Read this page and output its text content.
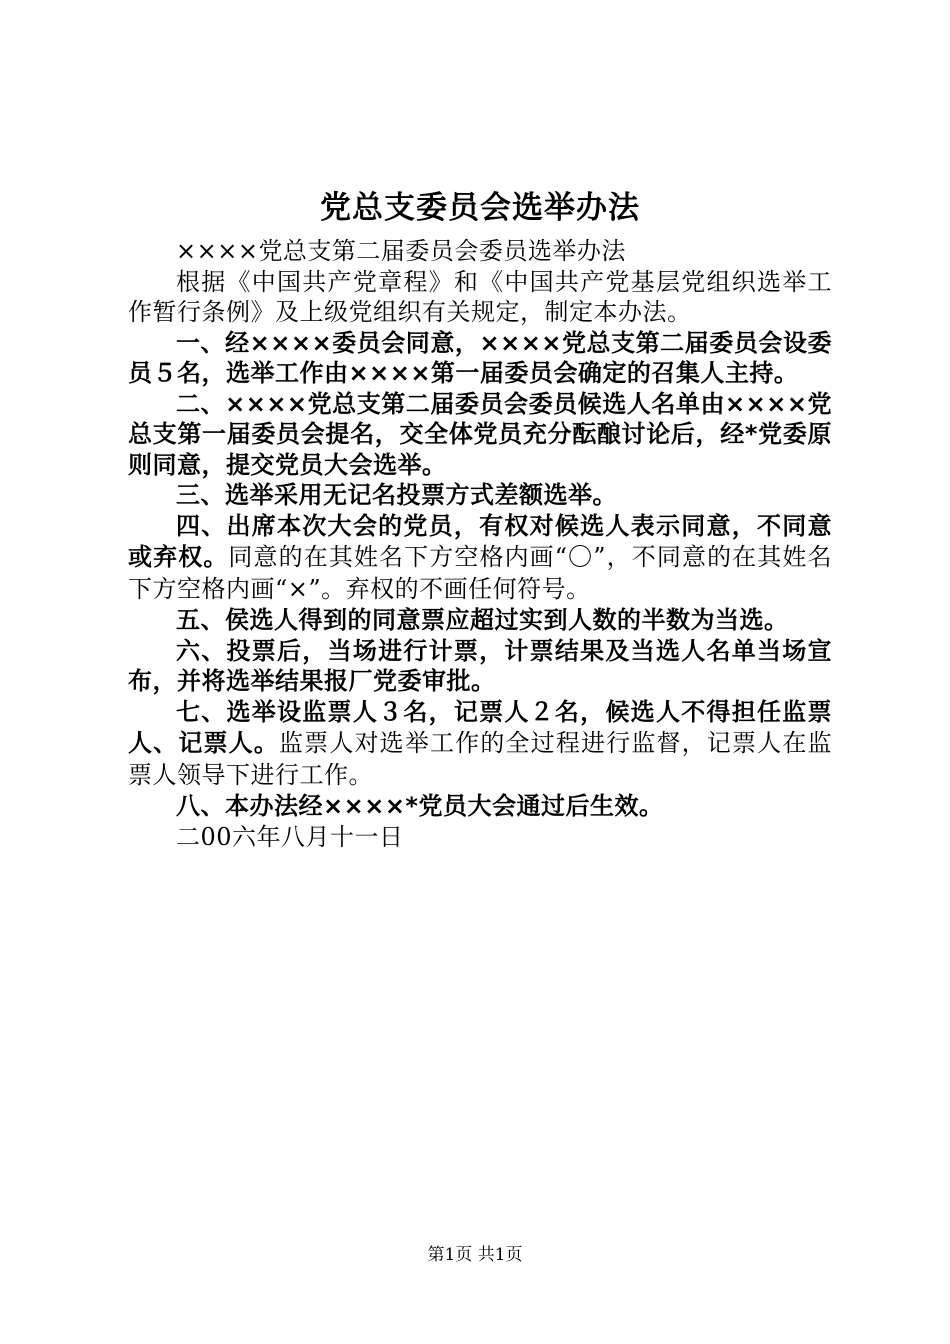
党总支委员会选举办法

××××党总支第二届委员会委员选举办法

根据《中国共产党章程》和《中国共产党基层党组织选举工作暂行条例》及上级党组织有关规定，制定本办法。

一、经××××委员会同意，××××党总支第二届委员会设委员５名，选举工作由××××第一届委员会确定的召集人主持。

二、××××党总支第二届委员会委员候选人名单由××××党总支第一届委员会提名，交全体党员充分酝酿讨论后，经*党委原则同意，提交党员大会选举。

三、选举采用无记名投票方式差额选举。

四、出席本次大会的党员，有权对候选人表示同意，不同意或弃权。同意的在其姓名下方空格内画“〇”，不同意的在其姓名下方空格内画“×”。弃权的不画任何符号。

五、侯选人得到的同意票应超过实到人数的半数为当选。

六、投票后，当场进行计票，计票结果及当选人名单当场宣布，并将选举结果报厂党委审批。

七、选举设监票人３名，记票人２名，候选人不得担任监票人、记票人。监票人对选举工作的全过程进行监督，记票人在监票人领导下进行工作。

八、本办法经××××*党员大会通过后生效。

二00六年八月十一日

第1页 共1页
